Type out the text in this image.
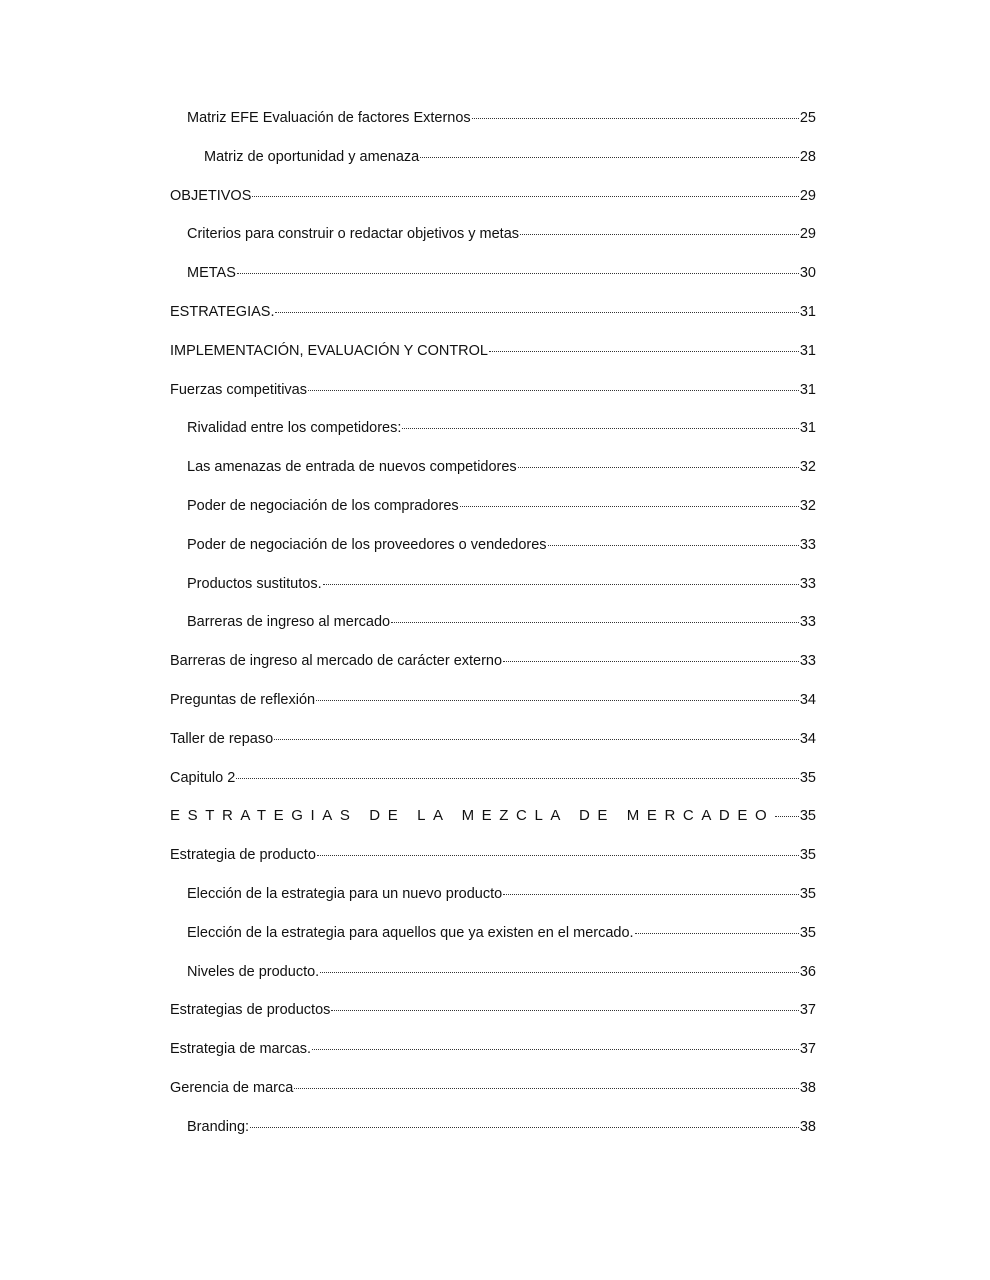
Matriz EFE Evaluación de factores Externos	25
Matriz de oportunidad y amenaza	28
OBJETIVOS	29
Criterios para construir o redactar objetivos y metas	29
METAS	30
ESTRATEGIAS.	31
IMPLEMENTACIÓN, EVALUACIÓN Y CONTROL	31
Fuerzas competitivas	31
Rivalidad entre los competidores:	31
Las amenazas de entrada de nuevos competidores	32
Poder de negociación de los compradores	32
Poder de negociación de los proveedores o vendedores	33
Productos sustitutos.	33
Barreras de ingreso al mercado	33
Barreras de ingreso al mercado de carácter externo	33
Preguntas de reflexión	34
Taller de repaso	34
Capitulo 2	35
ESTRATEGIAS DE LA MEZCLA DE MERCADEO 35
Estrategia de producto	35
Elección de la estrategia para un nuevo producto	35
Elección de la estrategia para aquellos que ya existen en el mercado.	35
Niveles de producto.	36
Estrategias de productos	37
Estrategia de marcas.	37
Gerencia de marca	38
Branding:	38
